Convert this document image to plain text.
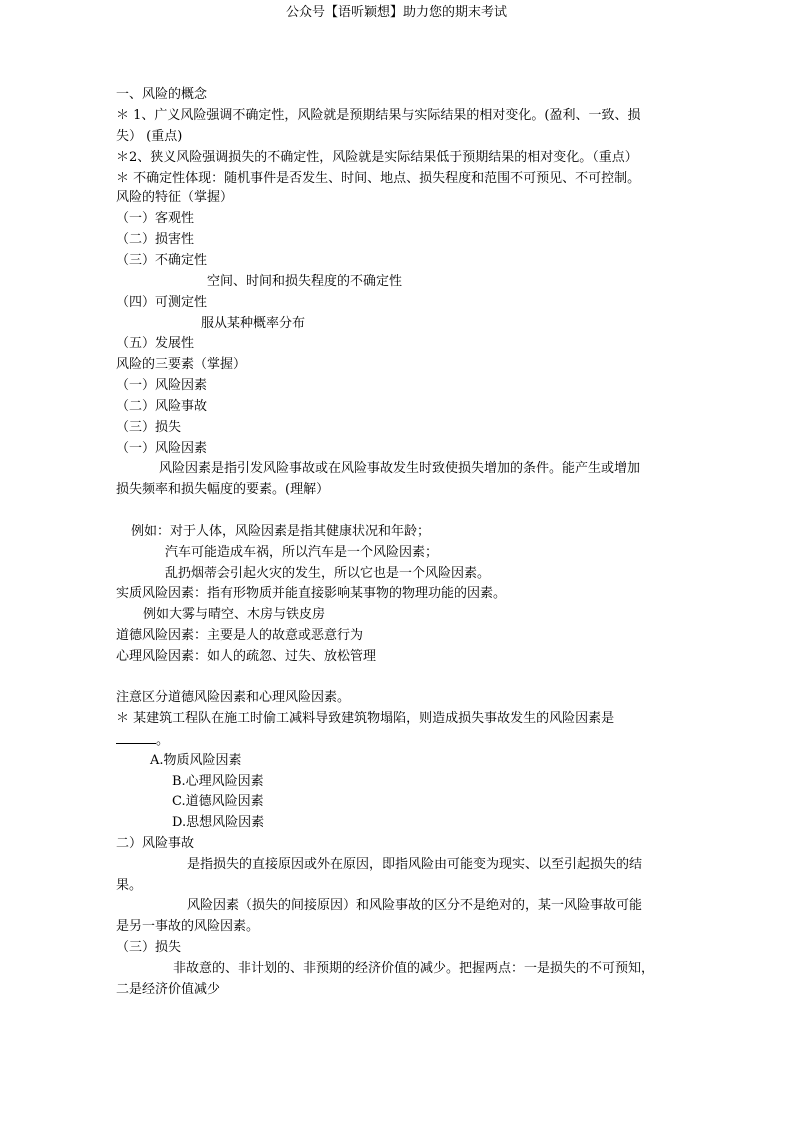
公众号【语听颖想】助力您的期末考试
一、风险的概念
＊ 1、广义风险强调不确定性，风险就是预期结果与实际结果的相对变化。(盈利、一致、损
失） (重点)
＊2、狭义风险强调损失的不确定性，风险就是实际结果低于预期结果的相对变化。（重点）
＊ 不确定性体现：随机事件是否发生、时间、地点、损失程度和范围不可预见、不可控制。
风险的特征（掌握）
（一）客观性
（二）损害性
（三）不确定性
空间、时间和损失程度的不确定性
（四）可测定性
服从某种概率分布
（五）发展性
风险的三要素（掌握）
（一）风险因素
（二）风险事故
（三）损失
（一）风险因素
风险因素是指引发风险事故或在风险事故发生时致使损失增加的条件。能产生或增加
损失频率和损失幅度的要素。(理解）
例如：对于人体，风险因素是指其健康状况和年龄；
汽车可能造成车祸，所以汽车是一个风险因素；
乱扔烟蒂会引起火灾的发生，所以它也是一个风险因素。
实质风险因素：指有形物质并能直接影响某事物的物理功能的因素。
例如大雾与晴空、木房与铁皮房
道德风险因素：主要是人的故意或恶意行为
心理风险因素：如人的疏忽、过失、放松管理
注意区分道德风险因素和心理风险因素。
＊ 某建筑工程队在施工时偷工减料导致建筑物塌陷，则造成损失事故发生的风险因素是
。
A.物质风险因素
B.心理风险因素
C.道德风险因素
D.思想风险因素
二）风险事故
是指损失的直接原因或外在原因，即指风险由可能变为现实、以至引起损失的结
果。
风险因素（损失的间接原因）和风险事故的区分不是绝对的，某一风险事故可能
是另一事故的风险因素。
（三）损失
非故意的、非计划的、非预期的经济价值的减少。把握两点：一是损失的不可预知，
二是经济价值减少
